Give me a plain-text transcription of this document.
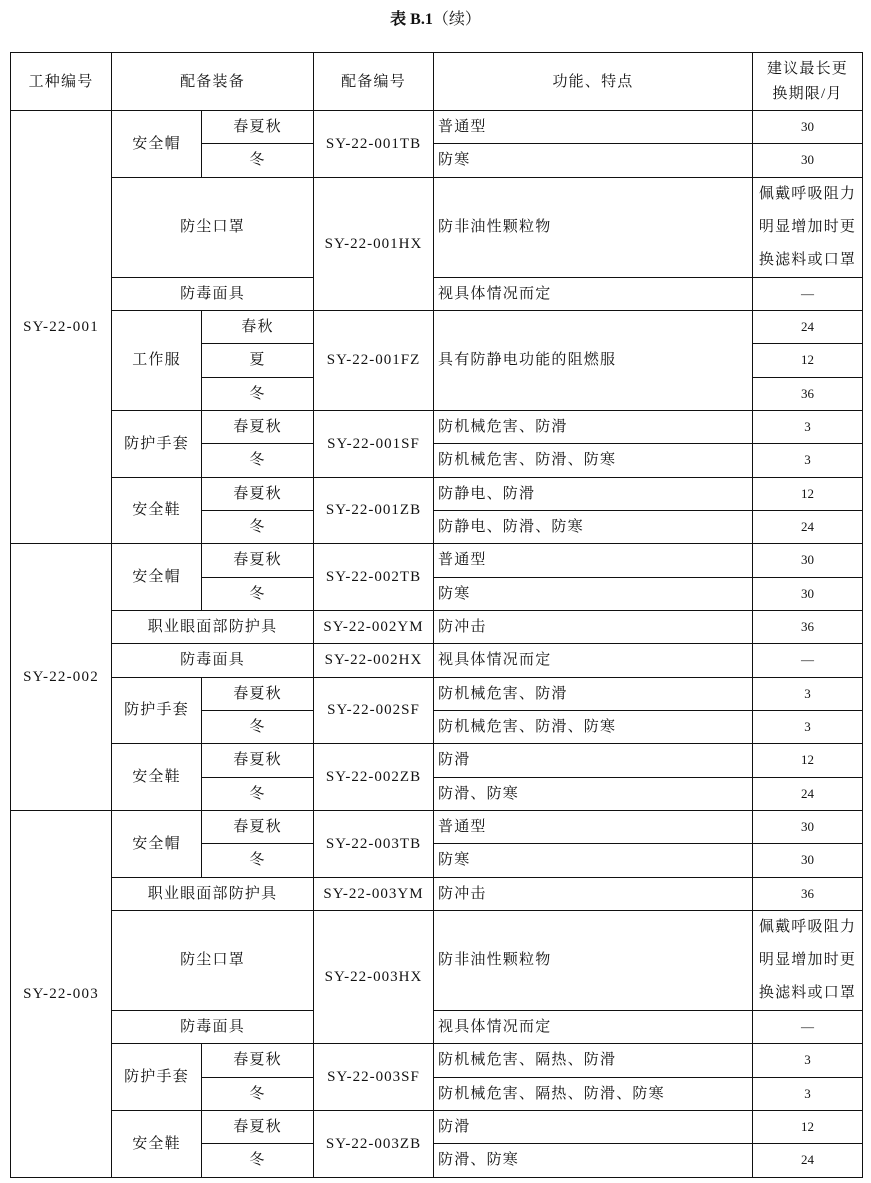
表 B.1（续）
工种编号	配备装备		配备编号	功能、特点	建议最长更
换期限/月

SY-22-001	安全帽	春夏秋	SY-22-001TB	普通型	30
		冬		防寒	30
	防尘口罩		SY-22-001HX	防非油性颗粒物	佩戴呼吸阻力
明显增加时更
换滤料或口罩

	防毒面具			视具体情况而定	—
	工作服	春秋	SY-22-001FZ	具有防静电功能的阻燃服	24
		夏			12
		冬			36
	防护手套	春夏秋	SY-22-001SF	防机械危害、防滑	3
		冬		防机械危害、防滑、防寒	3
	安全鞋	春夏秋	SY-22-001ZB	防静电、防滑	12
		冬		防静电、防滑、防寒	24
SY-22-002	安全帽	春夏秋	SY-22-002TB	普通型	30
		冬		防寒	30
	职业眼面部防护具		SY-22-002YM	防冲击	36
	防毒面具		SY-22-002HX	视具体情况而定	—
	防护手套	春夏秋	SY-22-002SF	防机械危害、防滑	3
		冬		防机械危害、防滑、防寒	3
	安全鞋	春夏秋	SY-22-002ZB	防滑	12
		冬		防滑、防寒	24
SY-22-003	安全帽	春夏秋	SY-22-003TB	普通型	30
		冬		防寒	30
	职业眼面部防护具		SY-22-003YM	防冲击	36
	防尘口罩		SY-22-003HX	防非油性颗粒物	佩戴呼吸阻力
明显增加时更
换滤料或口罩

	防毒面具			视具体情况而定	—
	防护手套	春夏秋	SY-22-003SF	防机械危害、隔热、防滑	3
		冬		防机械危害、隔热、防滑、防寒	3
	安全鞋	春夏秋	SY-22-003ZB	防滑	12
		冬		防滑、防寒	24
